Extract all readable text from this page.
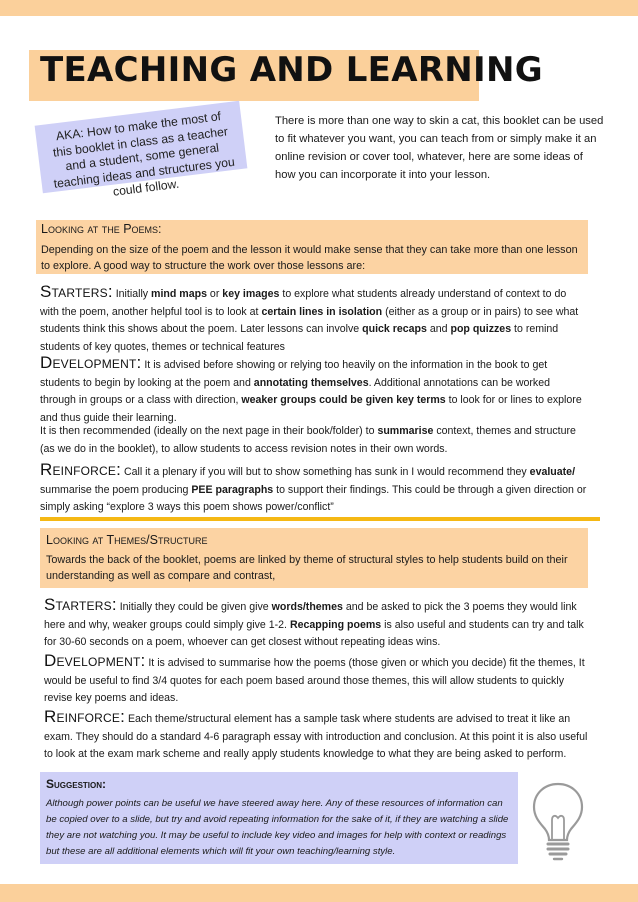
TEACHING AND LEARNING
AKA: How to make the most of this booklet in class as a teacher and a student, some general teaching ideas and structures you could follow.

There is more than one way to skin a cat, this booklet can be used to fit whatever you want, you can teach from or simply make it an online revision or cover tool, whatever, here are some ideas of how you can incorporate it into your lesson.

Looking at the Poems:
Depending on the size of the poem and the lesson it would make sense that they can take more than one lesson to explore. A good way to structure the work over those lessons are:

Starters: Initially mind maps or key images to explore what students already understand of context to do with the poem, another helpful tool is to look at certain lines in isolation (either as a group or in pairs) to see what students think this shows about the poem. Later lessons can involve quick recaps and pop quizzes to remind students of key quotes, themes or technical features

Development: It is advised before showing or relying too heavily on the information in the book to get students to begin by looking at the poem and annotating themselves. Additional annotations can be worked through in groups or a class with direction, weaker groups could be given key terms to look for or lines to explore and thus guide their learning.

It is then recommended (ideally on the next page in their book/folder) to summarise context, themes and structure (as we do in the booklet), to allow students to access revision notes in their own words.

Reinforce: Call it a plenary if you will but to show something has sunk in I would recommend they evaluate/ summarise the poem producing PEE paragraphs to support their findings. This could be through a given direction or simply asking “explore 3 ways this poem shows power/conflict”

Looking at Themes/Structure
Towards the back of the booklet, poems are linked by theme of structural styles to help students build on their understanding as well as compare and contrast,

Starters: Initially they could be given give words/themes and be asked to pick the 3 poems they would link here and why, weaker groups could simply give 1-2. Recapping poems is also useful and students can try and talk for 30-60 seconds on a poem, whoever can get closest without repeating ideas wins.

Development: It is advised to summarise how the poems (those given or which you decide) fit the themes, It would be useful to find 3/4 quotes for each poem based around those themes, this will allow students to quickly revise key poems and ideas.

Reinforce: Each theme/structural element has a sample task where students are advised to treat it like an exam. They should do a standard 4-6 paragraph essay with introduction and conclusion. At this point it is also useful to look at the exam mark scheme and really apply students knowledge to what they are being asked to perform.

Suggestion:
Although power points can be useful we have steered away here. Any of these resources of information can be copied over to a slide, but try and avoid repeating information for the sake of it, if they are watching a slide they are not watching you. It may be useful to include key video and images for help with context or readings but these are all additional elements which will fit your own teaching/learning style.
